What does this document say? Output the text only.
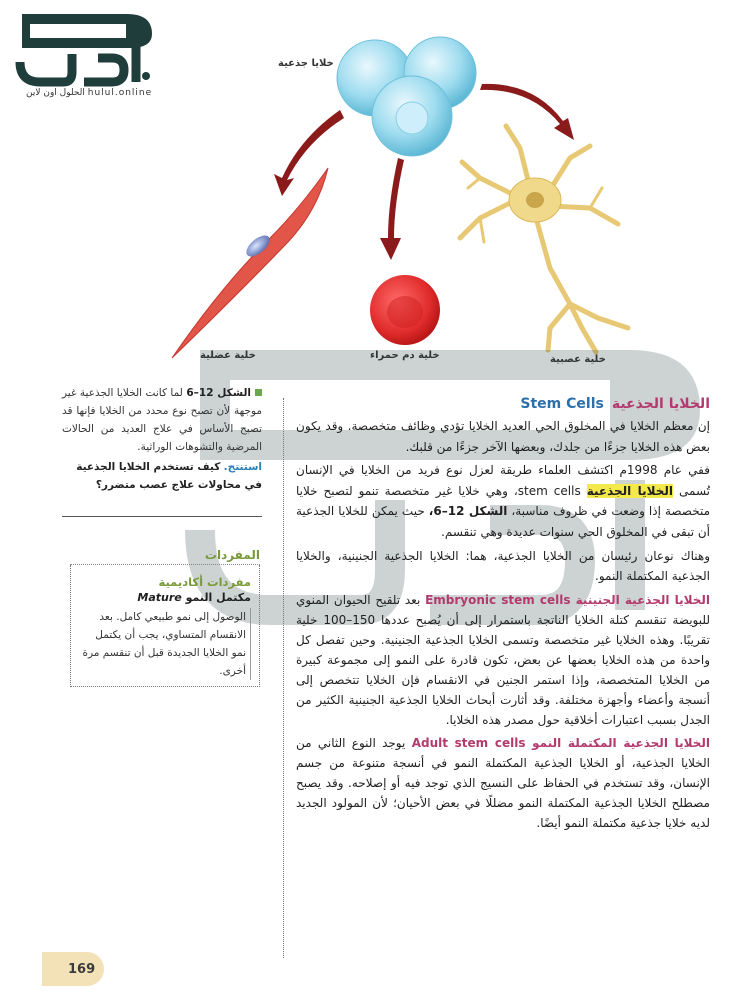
الحلول اون لاين hulul.online
خلايا جذعية
خلية عضلية	خلية دم حمراء	خلية عصبية
الشكل 12–6 لما كانت الخلايا الجذعية غير موجهة لأن تصبح نوع محدد من الخلايا فإنها قد تصبح الأساس في علاج العديد من الحالات المرضية والتشوهات الوراثية.
استنتج. كيف تستخدم الخلايا الجذعية في محاولات علاج عصب متضرر؟
المفردات
مفردات أكاديمية
مكتمل النمو Mature
الوصول إلى نمو طبيعي كامل. بعد الانقسام المتساوي، يجب أن يكتمل نمو الخلايا الجديدة قبل أن تنقسم مرة أخرى.
الخلايا الجذعيةStem Cells

إن معظم الخلايا في المخلوق الحي العديد الخلايا تؤدي وظائف متخصصة. وقد يكون بعض هذه الخلايا جزءًا من جلدك، وبعضها الآخر جزءًا من قلبك.

ففي عام 1998م اكتشف العلماء طريقة لعزل نوع فريد من الخلايا في الإنسان تُسمى الخلايا الجذعية stem cells، وهي خلايا غير متخصصة تنمو لتصبح خلايا متخصصة إذا وضعت في ظروف مناسبة، الشكل 12–6، حيث يمكن للخلايا الجذعية أن تبقى في المخلوق الحي سنوات عديدة وهي تنقسم.

وهناك نوعان رئيسان من الخلايا الجذعية، هما: الخلايا الجذعية الجنينية، والخلايا الجذعية المكتملة النمو.

الخلايا الجذعية الجنينية Embryonic stem cells بعد تلقيح الحيوان المنوي للبويضة تنقسم كتلة الخلايا الناتجة باستمرار إلى أن يُصبح عددها 150–100 خلية تقريبًا. وهذه الخلايا غير متخصصة وتسمى الخلايا الجذعية الجنينية. وحين تفصل كل واحدة من هذه الخلايا بعضها عن بعض، تكون قادرة على النمو إلى مجموعة كبيرة من الخلايا المتخصصة، وإذا استمر الجنين في الانقسام فإن الخلايا تتخصص إلى أنسجة وأعضاء وأجهزة مختلفة. وقد أثارت أبحاث الخلايا الجذعية الجنينية الكثير من الجدل بسبب اعتبارات أخلاقية حول مصدر هذه الخلايا.

الخلايا الجذعية المكتملة النمو Adult stem cells يوجد النوع الثاني من الخلايا الجذعية، أو الخلايا الجذعية المكتملة النمو في أنسجة متنوعة من جسم الإنسان، وقد تستخدم في الحفاظ على النسيج الذي توجد فيه أو إصلاحه. وقد يصبح مصطلح الخلايا الجذعية المكتملة النمو مضللًا في بعض الأحيان؛ لأن المولود الجديد لديه خلايا جذعية مكتملة النمو أيضًا.

169
